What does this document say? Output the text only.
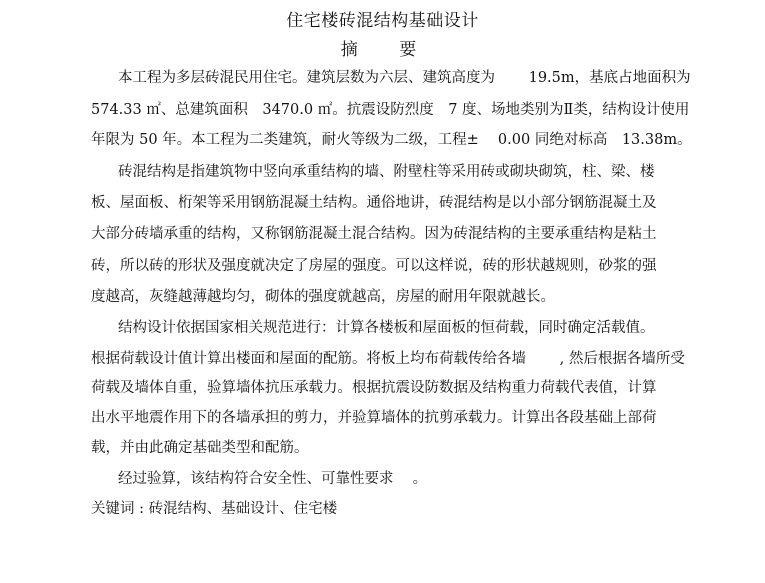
住宅楼砖混结构基础设计
摘 要
本工程为多层砖混民用住宅。建筑层数为六层、建筑高度为　　 19.5m，基底占地面积为
574.33 ㎡、总建筑面积　3470.0 ㎡。抗震设防烈度　7 度、场地类别为Ⅱ类，结构设计使用
年限为 50 年。本工程为二类建筑，耐火等级为二级，工程±　 0.00 同绝对标高　13.38m。
砖混结构是指建筑物中竖向承重结构的墙、附壁柱等采用砖或砌块砌筑，柱、梁、楼
板、屋面板、桁架等采用钢筋混凝土结构。通俗地讲，砖混结构是以小部分钢筋混凝土及
大部分砖墙承重的结构，又称钢筋混凝土混合结构。因为砖混结构的主要承重结构是粘土
砖，所以砖的形状及强度就决定了房屋的强度。可以这样说，砖的形状越规则，砂浆的强
度越高，灰缝越薄越均匀，砌体的强度就越高，房屋的耐用年限就越长。
结构设计依据国家相关规范进行：计算各楼板和屋面板的恒荷载，同时确定活载值。
根据荷载设计值计算出楼面和屋面的配筋。将板上均布荷载传给各墙　　 , 然后根据各墙所受
荷载及墙体自重，验算墙体抗压承载力。根据抗震设防数据及结构重力荷载代表值，计算
出水平地震作用下的各墙承担的剪力，并验算墙体的抗剪承载力。计算出各段基础上部荷
载，并由此确定基础类型和配筋。
经过验算，该结构符合安全性、可靠性要求　 。
关键词 : 砖混结构、基础设计、住宅楼
